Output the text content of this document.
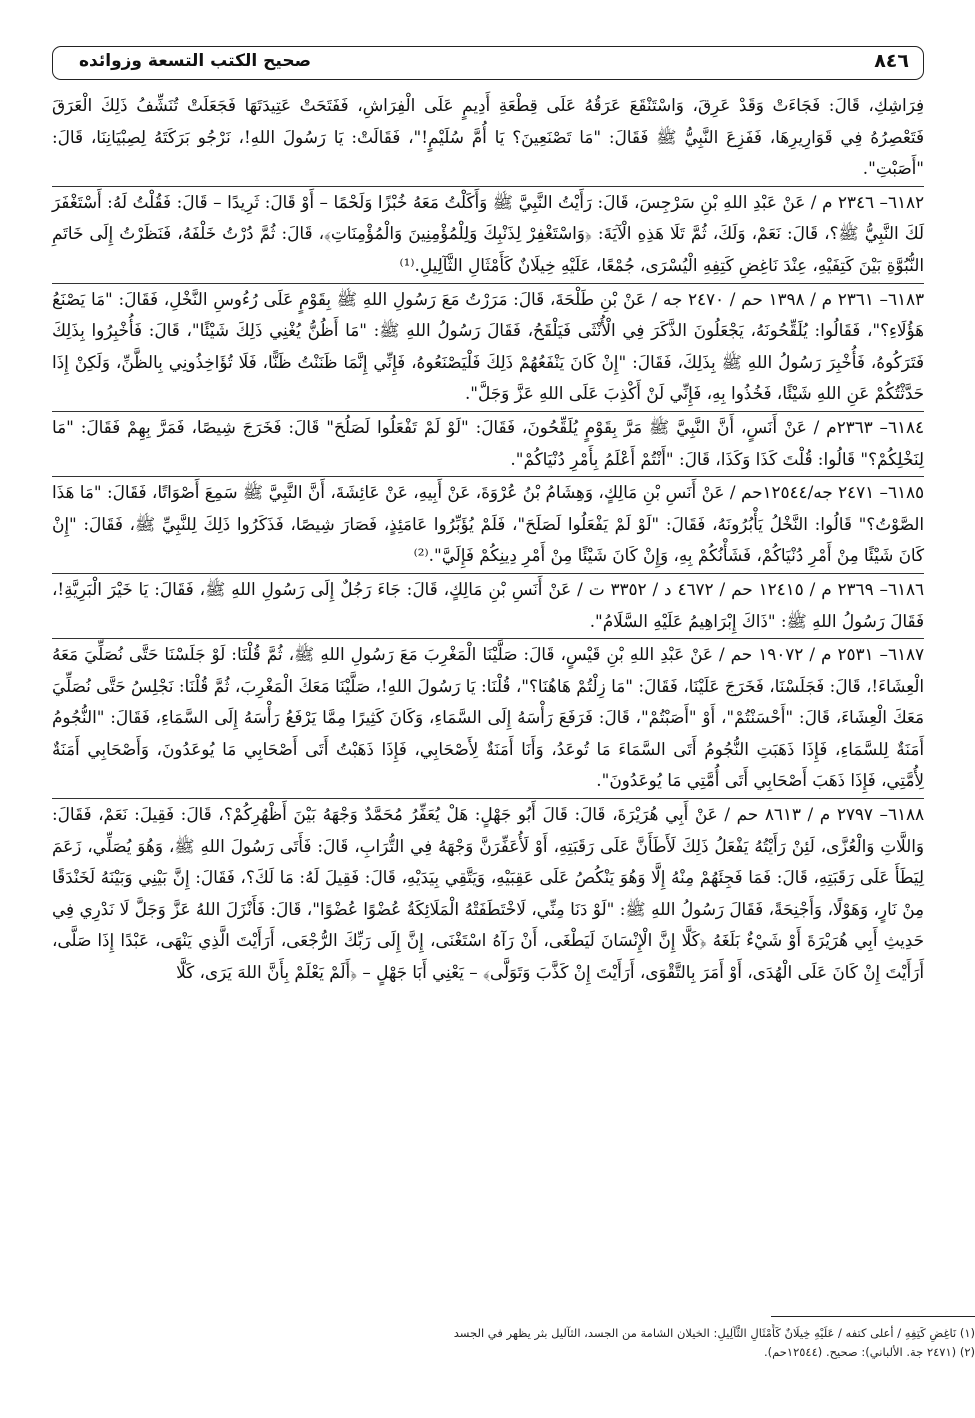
٨٤٦
صحيح الكتب التسعة وزوائده

فِرَاشِكِ، قَالَ: فَجَاءَتْ وَقَدْ عَرِقَ، وَاسْتَنْقَعَ عَرَقُهُ عَلَى قِطْعَةِ أَدِيمٍ عَلَى الْفِرَاشِ، فَفَتَحَتْ عَتِيدَتَهَا فَجَعَلَتْ تُنَشِّفُ ذَلِكَ الْعَرَقَ فَتَعْصِرُهُ فِي قَوَارِيرِهَا، فَفَزِعَ النَّبِيُّ ﷺ فَقَالَ: "مَا تَصْنَعِينَ؟ يَا أُمَّ سُلَيْمٍ!"، فَقَالَتْ: يَا رَسُولَ اللهِ!، نَرْجُو بَرَكَتَهُ لِصِبْيَانِنَا، قَالَ: "أَصَبْتِ".

٦١٨٢– ٢٣٤٦ م / عَنْ عَبْدِ اللهِ بْنِ سَرْجِسَ، قَالَ: رَأَيْتُ النَّبِيَّ ﷺ وَأَكَلْتُ مَعَهُ خُبْزًا وَلَحْمًا – أَوْ قَالَ: ثَرِيدًا – قَالَ: فَقُلْتُ لَهُ: أَسْتَغْفَرَ لَكَ النَّبِيُّ ﷺ؟، قَالَ: نَعَمْ، وَلَكَ، ثُمَّ تَلَا هَذِهِ الْآيَةَ: ﴿وَاسْتَغْفِرْ لِذَنْبِكَ وَلِلْمُؤْمِنِينَ وَالْمُؤْمِنَاتِ﴾، قَالَ: ثُمَّ دُرْتُ خَلْفَهُ، فَنَظَرْتُ إِلَى خَاتَمِ النُّبُوَّةِ بَيْنَ كَتِفَيْهِ، عِنْدَ نَاغِضِ كَتِفِهِ الْيُسْرَى، جُمْعًا، عَلَيْهِ خِيلَانٌ كَأَمْثَالِ الثَّآلِيلِ.⁽¹⁾

٦١٨٣– ٢٣٦١ م / ١٣٩٨ حم / ٢٤٧٠ جه / عَنْ بْنِ طَلْحَةَ، قَالَ: مَرَرْتُ مَعَ رَسُولِ اللهِ ﷺ بِقَوْمٍ عَلَى رُءُوسِ النَّخْلِ، فَقَالَ: "مَا يَصْنَعُ هَؤُلَاءِ؟"، فَقَالُوا: يُلَقِّحُونَهُ، يَجْعَلُونَ الذَّكَرَ فِي الْأُنْثَى فَيَلْقَحُ، فَقَالَ رَسُولُ اللهِ ﷺ: "مَا أَظُنُّ يُغْنِي ذَلِكَ شَيْئًا"، قَالَ: فَأُخْبِرُوا بِذَلِكَ فَتَرَكُوهُ، فَأُخْبِرَ رَسُولُ اللهِ ﷺ بِذَلِكَ، فَقَالَ: "إِنْ كَانَ يَنْفَعُهُمْ ذَلِكَ فَلْيَصْنَعُوهُ، فَإِنِّي إِنَّمَا ظَنَنْتُ ظَنًّا، فَلَا تُؤَاخِذُونِي بِالظَّنِّ، وَلَكِنْ إِذَا حَدَّثْتُكُمْ عَنِ اللهِ شَيْئًا، فَخُذُوا بِهِ، فَإِنِّي لَنْ أَكْذِبَ عَلَى اللهِ عَزَّ وَجَلَّ".

٦١٨٤– ٢٣٦٣م / عَنْ أَنَسٍ، أَنَّ النَّبِيَّ ﷺ مَرَّ بِقَوْمٍ يُلَقِّحُونَ، فَقَالَ: "لَوْ لَمْ تَفْعَلُوا لَصَلُحَ" قَالَ: فَخَرَجَ شِيصًا، فَمَرَّ بِهِمْ فَقَالَ: "مَا لِنَخْلِكُمْ؟" قَالُوا: قُلْتَ كَذَا وَكَذَا، قَالَ: "أَنْتُمْ أَعْلَمُ بِأَمْرِ دُنْيَاكُمْ".

٦١٨٥– ٢٤٧١ جه/١٢٥٤٤حم / عَنْ أَنَسِ بْنِ مَالِكٍ، وَهِشَامُ بْنُ عُرْوَةَ، عَنْ أَبِيهِ، عَنْ عَائِشَةَ، أَنَّ النَّبِيَّ ﷺ سَمِعَ أَصْوَاتًا، فَقَالَ: "مَا هَذَا الصَّوْتُ؟" قَالُوا: النَّخْلُ يَأْبُرُونَهُ، فَقَالَ: "لَوْ لَمْ يَفْعَلُوا لَصَلَحَ"، فَلَمْ يُؤَبِّرُوا عَامَئِذٍ، فَصَارَ شِيصًا، فَذَكَرُوا ذَلِكَ لِلنَّبِيِّ ﷺ، فَقَالَ: "إِنْ كَانَ شَيْئًا مِنْ أَمْرِ دُنْيَاكُمْ، فَشَأْنُكُمْ بِهِ، وَإِنْ كَانَ شَيْئًا مِنْ أَمْرِ دِينِكُمْ فَإِلَيَّ".⁽²⁾

٦١٨٦– ٢٣٦٩ م / ١٢٤١٥ حم / ٤٦٧٢ د / ٣٣٥٢ ت / عَنْ أَنَسِ بْنِ مَالِكٍ، قَالَ: جَاءَ رَجُلٌ إِلَى رَسُولِ اللهِ ﷺ، فَقَالَ: يَا خَيْرَ الْبَرِيَّةِ!، فَقَالَ رَسُولُ اللهِ ﷺ: "ذَاكَ إِبْرَاهِيمُ عَلَيْهِ السَّلَامُ".

٦١٨٧– ٢٥٣١ م / ١٩٠٧٢ حم / عَنْ عَبْدِ اللهِ بْنِ قَيْسٍ، قَالَ: صَلَّيْنَا الْمَغْرِبَ مَعَ رَسُولِ اللهِ ﷺ، ثُمَّ قُلْنَا: لَوْ جَلَسْنَا حَتَّى نُصَلِّيَ مَعَهُ الْعِشَاءَ!، قَالَ: فَجَلَسْنَا، فَخَرَجَ عَلَيْنَا، فَقَالَ: "مَا زِلْتُمْ هَاهُنَا؟"، قُلْنَا: يَا رَسُولَ اللهِ!، صَلَّيْنَا مَعَكَ الْمَغْرِبَ، ثُمَّ قُلْنَا: نَجْلِسُ حَتَّى نُصَلِّيَ مَعَكَ الْعِشَاءَ، قَالَ: "أَحْسَنْتُمْ"، أَوْ "أَصَبْتُمْ"، قَالَ: فَرَفَعَ رَأْسَهُ إِلَى السَّمَاءِ، وَكَانَ كَثِيرًا مِمَّا يَرْفَعُ رَأْسَهُ إِلَى السَّمَاءِ، فَقَالَ: "النُّجُومُ أَمَنَةٌ لِلسَّمَاءِ، فَإِذَا ذَهَبَتِ النُّجُومُ أَتَى السَّمَاءَ مَا تُوعَدُ، وَأَنَا أَمَنَةٌ لِأَصْحَابِي، فَإِذَا ذَهَبْتُ أَتَى أَصْحَابِي مَا يُوعَدُونَ، وَأَصْحَابِي أَمَنَةٌ لِأُمَّتِي، فَإِذَا ذَهَبَ أَصْحَابِي أَتَى أُمَّتِي مَا يُوعَدُونَ".

٦١٨٨– ٢٧٩٧ م / ٨٦١٣ حم / عَنْ أَبِي هُرَيْرَةَ، قَالَ: قَالَ أَبُو جَهْلٍ: هَلْ يُعَفِّرُ مُحَمَّدٌ وَجْهَهُ بَيْنَ أَظْهُرِكُمْ؟، قَالَ: فَقِيلَ: نَعَمْ، فَقَالَ: وَاللَّاتِ وَالْعُزَّى، لَئِنْ رَأَيْتُهُ يَفْعَلُ ذَلِكَ لَأَطَأَنَّ عَلَى رَقَبَتِهِ، أَوْ لَأُعَفِّرَنَّ وَجْهَهُ فِي التُّرَابِ، قَالَ: فَأَتَى رَسُولَ اللهِ ﷺ، وَهُوَ يُصَلِّي، زَعَمَ لِيَطَأَ عَلَى رَقَبَتِهِ، قَالَ: فَمَا فَجِئَهُمْ مِنْهُ إِلَّا وَهُوَ يَنْكُصُ عَلَى عَقِبَيْهِ، وَيَتَّقِي بِيَدَيْهِ، قَالَ: فَقِيلَ لَهُ: مَا لَكَ؟، فَقَالَ: إِنَّ بَيْنِي وَبَيْنَهُ لَخَنْدَقًا مِنْ نَارٍ، وَهَوْلًا، وَأَجْنِحَةً، فَقَالَ رَسُولُ اللهِ ﷺ: "لَوْ دَنَا مِنِّي، لَاخْتَطَفَتْهُ الْمَلَائِكَةُ عُضْوًا عُضْوًا"، قَالَ: فَأَنْزَلَ اللهُ عَزَّ وَجَلَّ لَا نَدْرِي فِي حَدِيثِ أَبِي هُرَيْرَةَ أَوْ شَيْءٌ بَلَغَهُ ﴿كَلَّا إِنَّ الْإِنْسَانَ لَيَطْغَى، أَنْ رَآهُ اسْتَغْنَى، إِنَّ إِلَى رَبِّكَ الرُّجْعَى، أَرَأَيْتَ الَّذِي يَنْهَى، عَبْدًا إِذَا صَلَّى، أَرَأَيْتَ إِنْ كَانَ عَلَى الْهُدَى، أَوْ أَمَرَ بِالتَّقْوَى، أَرَأَيْتَ إِنْ كَذَّبَ وَتَوَلَّى﴾ – يَعْنِي أَبَا جَهْلٍ – ﴿أَلَمْ يَعْلَمْ بِأَنَّ اللهَ يَرَى، كَلَّا

(١) نَاغِضِ كَتِفِهِ / أعلى كتفه / عَلَيْهِ خِيلَانٌ كَأَمْثَالِ الثَّآلِيلِ: الخيلان الشامة من الجسد، الثآليل بثر يظهر في الجسد
(٢) (٢٤٧١ جة. الألباني): صحيح. (١٢٥٤٤حم).
